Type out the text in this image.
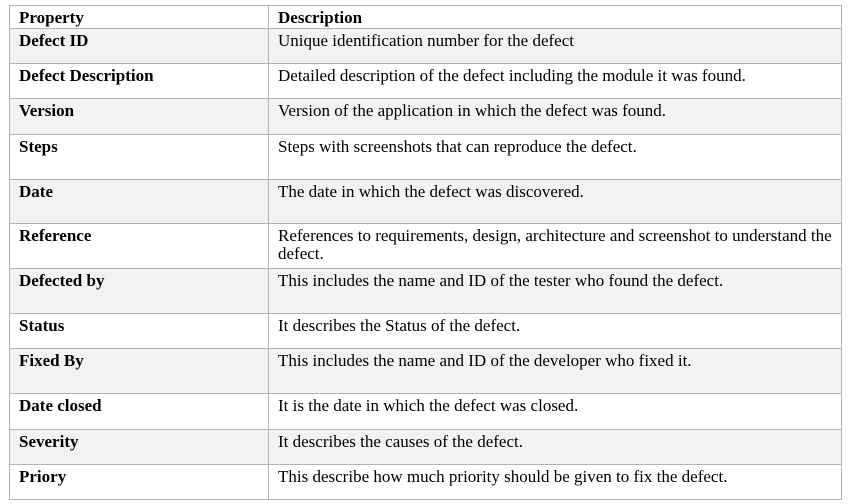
Property	Description
Defect ID	Unique identification number for the defect
Defect Description	Detailed description of the defect including the module it was found.
Version	Version of the application in which the defect was found.
Steps	Steps with screenshots that can reproduce the defect.
Date	The date in which the defect was discovered.
Reference	References to requirements, design, architecture and screenshot to understand the defect.
Defected by	This includes the name and ID of the tester who found the defect.
Status	It describes the Status of the defect.
Fixed By	This includes the name and ID of the developer who fixed it.
Date closed	It is the date in which the defect was closed.
Severity	It describes the causes of the defect.
Priory	This describe how much priority should be given to fix the defect.
